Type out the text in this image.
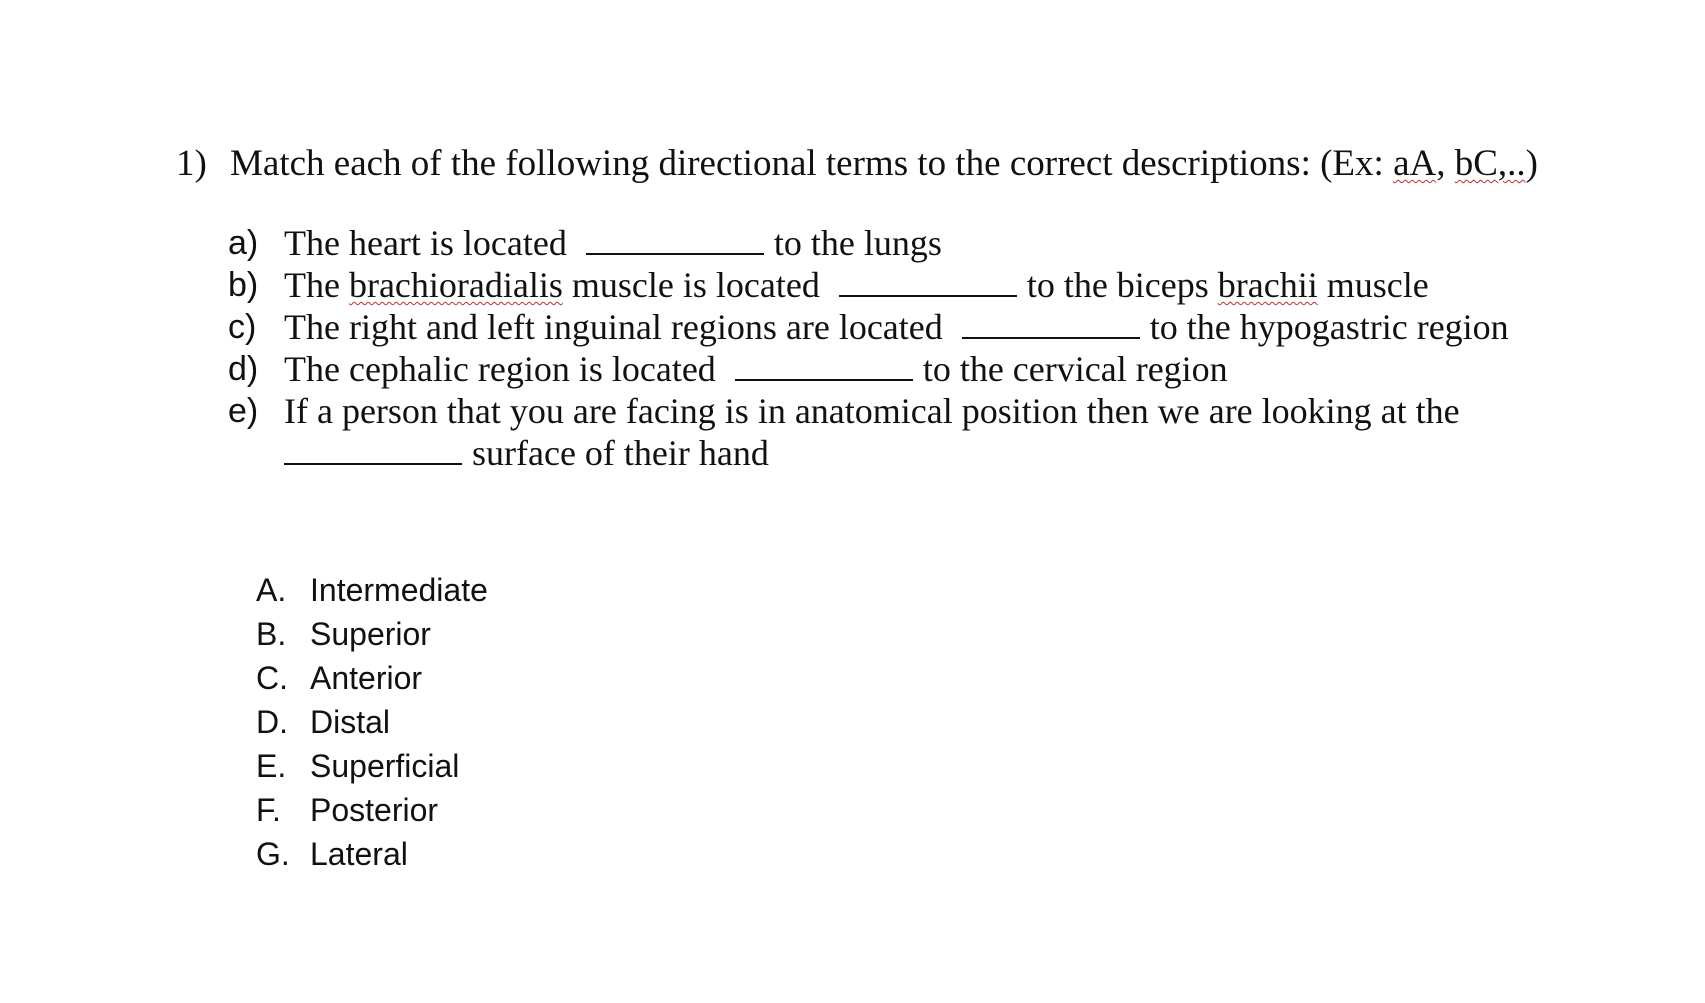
1) Match each of the following directional terms to the correct descriptions: (Ex: aA, bC,..)
a) The heart is located	to the lungs
b) The brachioradialis muscle is located	to the biceps brachii muscle
c) The right and left inguinal regions are located	to the hypogastric region
d) The cephalic region is located	to the cervical region
e) If a person that you are facing is in anatomical position then we are looking at the
surface of their hand
A. Intermediate
B. Superior
C. Anterior
D. Distal
E. Superficial
F. Posterior
G. Lateral
